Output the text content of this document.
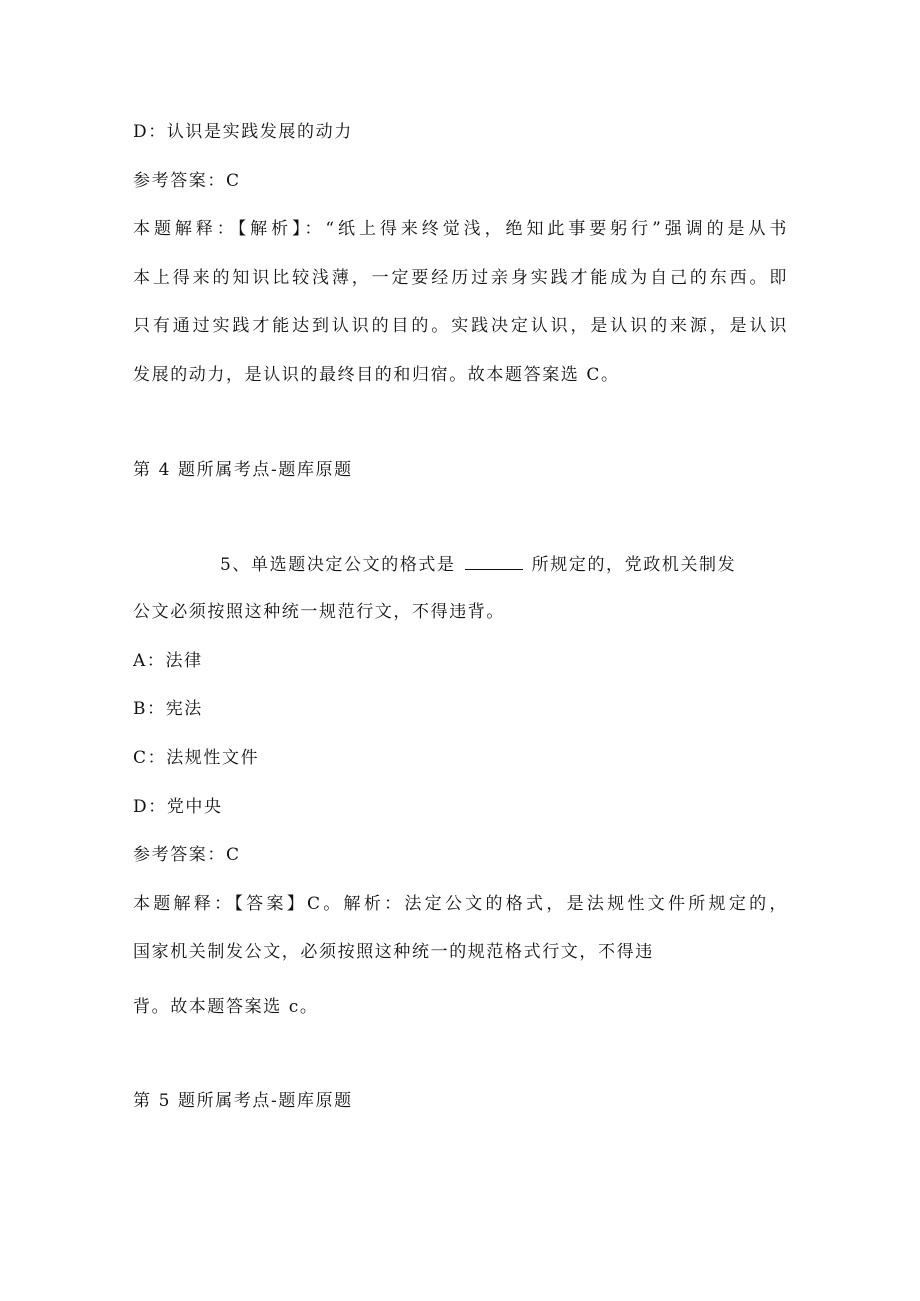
D：认识是实践发展的动力
参考答案：C
本题解释：【解析】：“纸上得来终觉浅，绝知此事要躬行”强调的是从书
本上得来的知识比较浅薄，一定要经历过亲身实践才能成为自己的东西。即
只有通过实践才能达到认识的目的。实践决定认识，是认识的来源，是认识
发展的动力，是认识的最终目的和归宿。故本题答案选 C。
第 4 题所属考点-题库原题
5、单选题决定公文的格式是	所规定的，党政机关制发
公文必须按照这种统一规范行文，不得违背。
A：法律
B：宪法
C：法规性文件
D：党中央
参考答案：C
本题解释：【答案】C。解析：法定公文的格式，是法规性文件所规定的，
国家机关制发公文，必须按照这种统一的规范格式行文，不得违
背。故本题答案选 c。
第 5 题所属考点-题库原题
